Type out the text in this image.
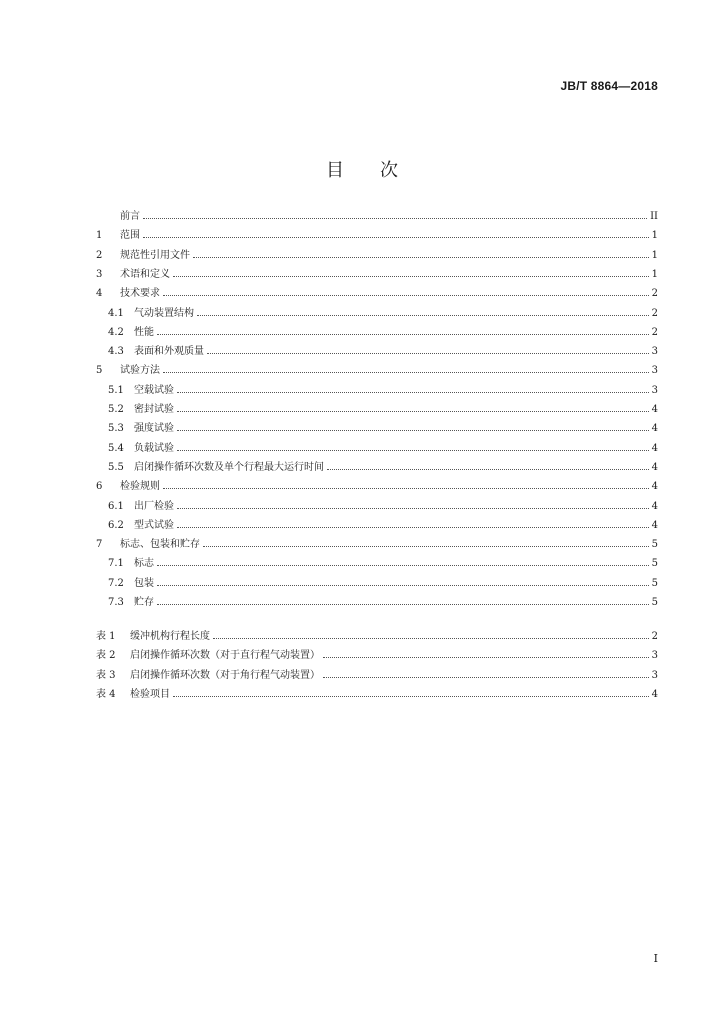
JB/T 8864—2018
目 次
前言	II
1	范围	1
2	规范性引用文件	1
3	术语和定义	1
4	技术要求	2
4.1	气动装置结构	2
4.2	性能	2
4.3	表面和外观质量	3
5	试验方法	3
5.1	空载试验	3
5.2	密封试验	4
5.3	强度试验	4
5.4	负载试验	4
5.5	启闭操作循环次数及单个行程最大运行时间	4
6	检验规则	4
6.1	出厂检验	4
6.2	型式试验	4
7	标志、包装和贮存	5
7.1	标志	5
7.2	包装	5
7.3	贮存	5
表 1	缓冲机构行程长度	2
表 2	启闭操作循环次数（对于直行程气动装置）	3
表 3	启闭操作循环次数（对于角行程气动装置）	3
表 4	检验项目	4
I
